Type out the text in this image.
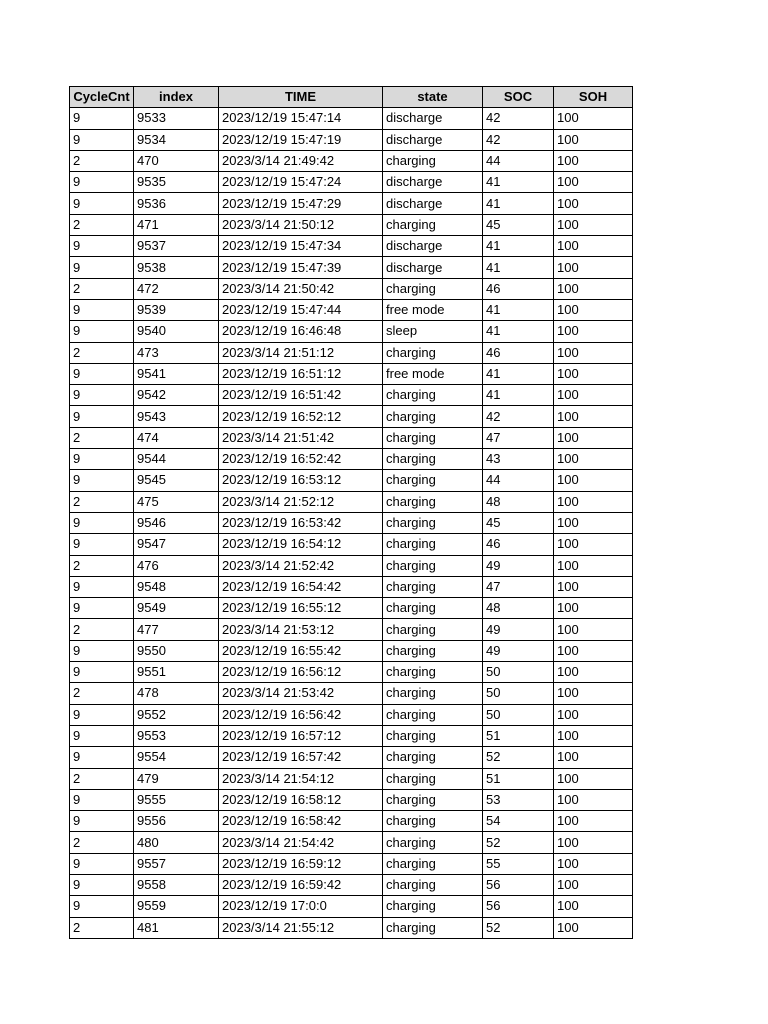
CycleCnt	index	TIME	state	SOC	SOH
9	9533	2023/12/19 15:47:14	discharge	42	100
9	9534	2023/12/19 15:47:19	discharge	42	100
2	470	2023/3/14 21:49:42	charging	44	100
9	9535	2023/12/19 15:47:24	discharge	41	100
9	9536	2023/12/19 15:47:29	discharge	41	100
2	471	2023/3/14 21:50:12	charging	45	100
9	9537	2023/12/19 15:47:34	discharge	41	100
9	9538	2023/12/19 15:47:39	discharge	41	100
2	472	2023/3/14 21:50:42	charging	46	100
9	9539	2023/12/19 15:47:44	free mode	41	100
9	9540	2023/12/19 16:46:48	sleep	41	100
2	473	2023/3/14 21:51:12	charging	46	100
9	9541	2023/12/19 16:51:12	free mode	41	100
9	9542	2023/12/19 16:51:42	charging	41	100
9	9543	2023/12/19 16:52:12	charging	42	100
2	474	2023/3/14 21:51:42	charging	47	100
9	9544	2023/12/19 16:52:42	charging	43	100
9	9545	2023/12/19 16:53:12	charging	44	100
2	475	2023/3/14 21:52:12	charging	48	100
9	9546	2023/12/19 16:53:42	charging	45	100
9	9547	2023/12/19 16:54:12	charging	46	100
2	476	2023/3/14 21:52:42	charging	49	100
9	9548	2023/12/19 16:54:42	charging	47	100
9	9549	2023/12/19 16:55:12	charging	48	100
2	477	2023/3/14 21:53:12	charging	49	100
9	9550	2023/12/19 16:55:42	charging	49	100
9	9551	2023/12/19 16:56:12	charging	50	100
2	478	2023/3/14 21:53:42	charging	50	100
9	9552	2023/12/19 16:56:42	charging	50	100
9	9553	2023/12/19 16:57:12	charging	51	100
9	9554	2023/12/19 16:57:42	charging	52	100
2	479	2023/3/14 21:54:12	charging	51	100
9	9555	2023/12/19 16:58:12	charging	53	100
9	9556	2023/12/19 16:58:42	charging	54	100
2	480	2023/3/14 21:54:42	charging	52	100
9	9557	2023/12/19 16:59:12	charging	55	100
9	9558	2023/12/19 16:59:42	charging	56	100
9	9559	2023/12/19 17:0:0	charging	56	100
2	481	2023/3/14 21:55:12	charging	52	100
